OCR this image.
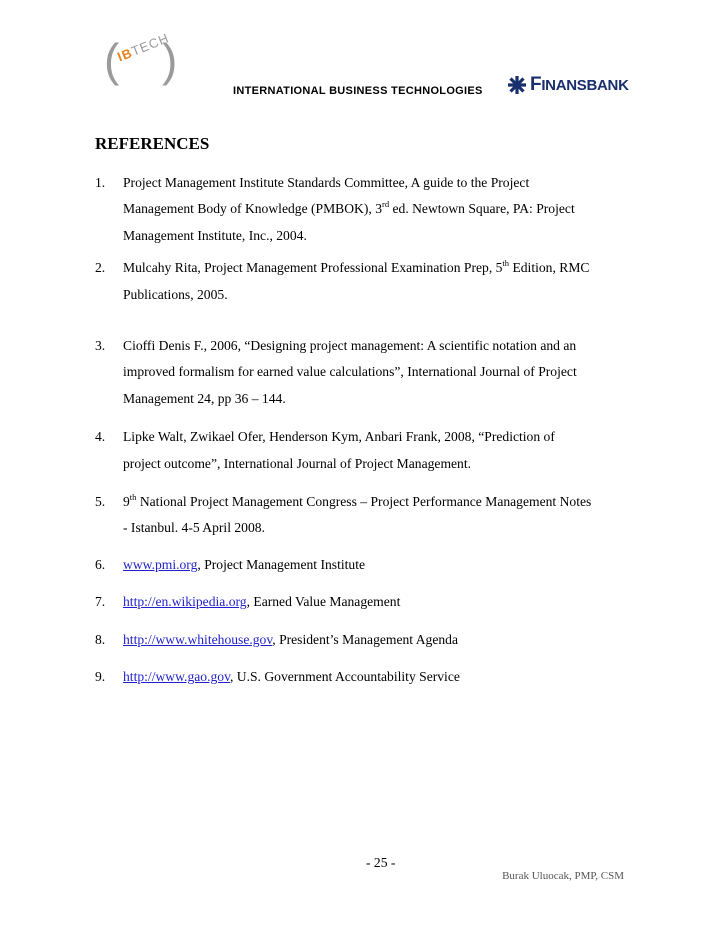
(
IBTECH
)
INTERNATIONAL BUSINESS TECHNOLOGIES FINANSBANK
REFERENCES
1. Project Management Institute Standards Committee, A guide to the Project
Management Body of Knowledge (PMBOK), 3rd ed. Newtown Square, PA: Project
Management Institute, Inc., 2004.
2. Mulcahy Rita, Project Management Professional Examination Prep, 5th Edition, RMC
Publications, 2005.
3. Cioffi Denis F., 2006, “Designing project management: A scientific notation and an
improved formalism for earned value calculations”, International Journal of Project
Management 24, pp 36 – 144.
4. Lipke Walt, Zwikael Ofer, Henderson Kym, Anbari Frank, 2008, “Prediction of
project outcome”, International Journal of Project Management.
5. 9th National Project Management Congress – Project Performance Management Notes
- Istanbul. 4-5 April 2008.
6. www.pmi.org, Project Management Institute
7. http://en.wikipedia.org, Earned Value Management
8. http://www.whitehouse.gov, President’s Management Agenda
9. http://www.gao.gov, U.S. Government Accountability Service
- 25 -
Burak Uluocak, PMP, CSM
